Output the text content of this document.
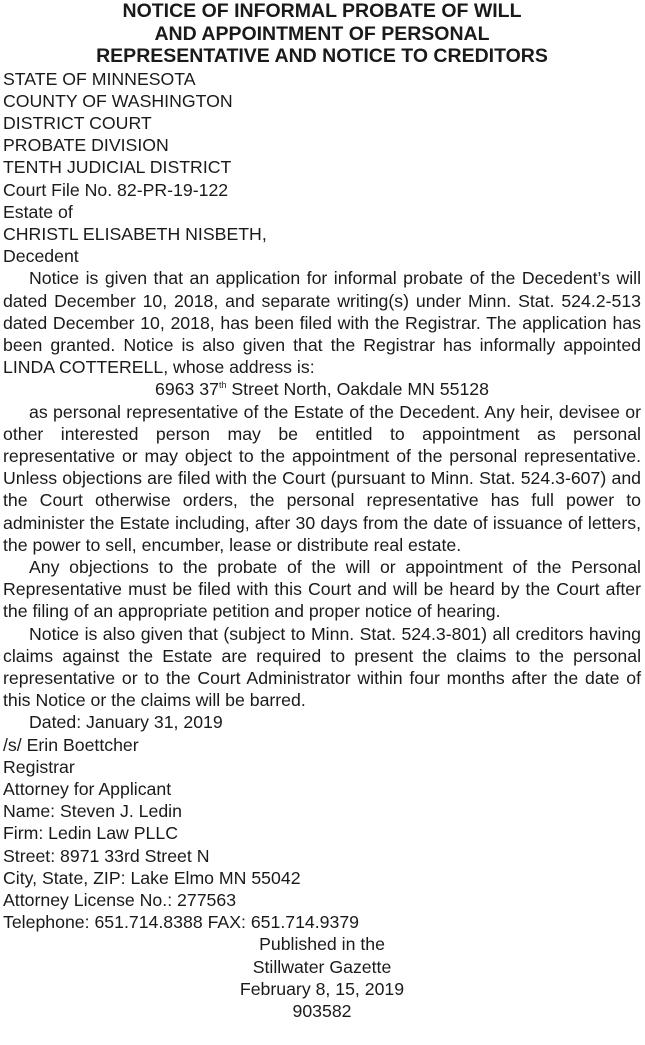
NOTICE OF INFORMAL PROBATE OF WILL
AND APPOINTMENT OF PERSONAL
REPRESENTATIVE AND NOTICE TO CREDITORS
STATE OF MINNESOTA
COUNTY OF WASHINGTON
DISTRICT COURT
PROBATE DIVISION
TENTH JUDICIAL DISTRICT
Court File No. 82-PR-19-122
Estate of
CHRISTL ELISABETH NISBETH,
Decedent

Notice is given that an application for informal probate of the Decedent’s will dated December 10, 2018, and separate writing(s) under Minn. Stat. 524.2-513 dated December 10, 2018, has been filed with the Registrar. The application has been granted. Notice is also given that the Registrar has informally appointed LINDA COTTERELL, whose address is:

6963 37th Street North, Oakdale MN 55128

as personal representative of the Estate of the Decedent. Any heir, devisee or other interested person may be entitled to appointment as personal representative or may object to the appointment of the personal representative. Unless objections are filed with the Court (pursuant to Minn. Stat. 524.3-607) and the Court otherwise orders, the personal representative has full power to administer the Estate including, after 30 days from the date of issuance of letters, the power to sell, encumber, lease or distribute real estate.

Any objections to the probate of the will or appointment of the Personal Representative must be filed with this Court and will be heard by the Court after the filing of an appropriate petition and proper notice of hearing.

Notice is also given that (subject to Minn. Stat. 524.3-801) all creditors having claims against the Estate are required to present the claims to the personal representative or to the Court Administrator within four months after the date of this Notice or the claims will be barred.

Dated: January 31, 2019
/s/ Erin Boettcher
Registrar
Attorney for Applicant
Name: Steven J. Ledin
Firm: Ledin Law PLLC
Street: 8971 33rd Street N
City, State, ZIP: Lake Elmo MN 55042
Attorney License No.: 277563
Telephone: 651.714.8388 FAX: 651.714.9379
Published in the
Stillwater Gazette
February 8, 15, 2019
903582
